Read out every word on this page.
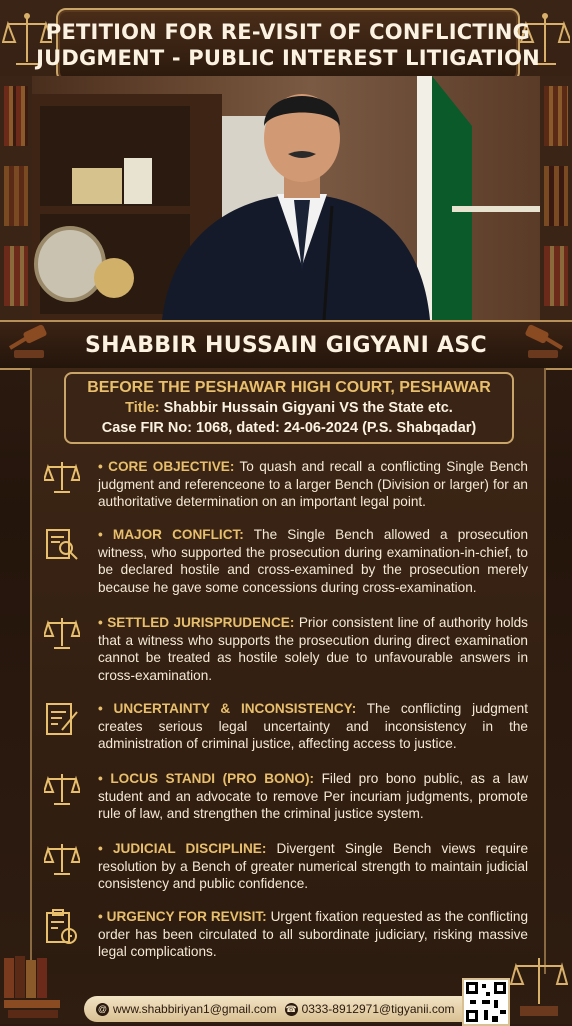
PETITION FOR RE-VISIT OF CONFLICTING
JUDGMENT - PUBLIC INTEREST LITIGATION
SHABBIR HUSSAIN GIGYANI ASC
BEFORE THE PESHAWAR HIGH COURT, PESHAWAR
Title: Shabbir Hussain Gigyani VS the State etc.
Case FIR No: 1068, dated: 24-06-2024 (P.S. Shabqadar)
• CORE OBJECTIVE: To quash and recall a conflicting Single Bench judgment and referenceone to a larger Bench (Division or larger) for an authoritative determination on an important legal point.
• MAJOR CONFLICT: The Single Bench allowed a prosecution witness, who supported the prosecution during examination-in-chief, to be declared hostile and cross-examined by the prosecution merely because he gave some concessions during cross-examination.
• SETTLED JURISPRUDENCE: Prior consistent line of authority holds that a witness who supports the prosecution during direct examination cannot be treated as hostile solely due to unfavourable answers in cross-examination.
• UNCERTAINTY & INCONSISTENCY: The conflicting judgment creates serious legal uncertainty and inconsistency in the administration of criminal justice, affecting access to justice.
• LOCUS STANDI (PRO BONO): Filed pro bono public, as a law student and an advocate to remove Per incuriam judgments, promote rule of law, and strengthen the criminal justice system.
• JUDICIAL DISCIPLINE: Divergent Single Bench views require resolution by a Bench of greater numerical strength to maintain judicial consistency and public confidence.
• URGENCY FOR REVISIT: Urgent fixation requested as the conflicting order has been circulated to all subordinate judiciary, risking massive legal complications.
@ www.shabbiriyan1@gmail.com ☎ 0333-8912971@tigyanii.com
